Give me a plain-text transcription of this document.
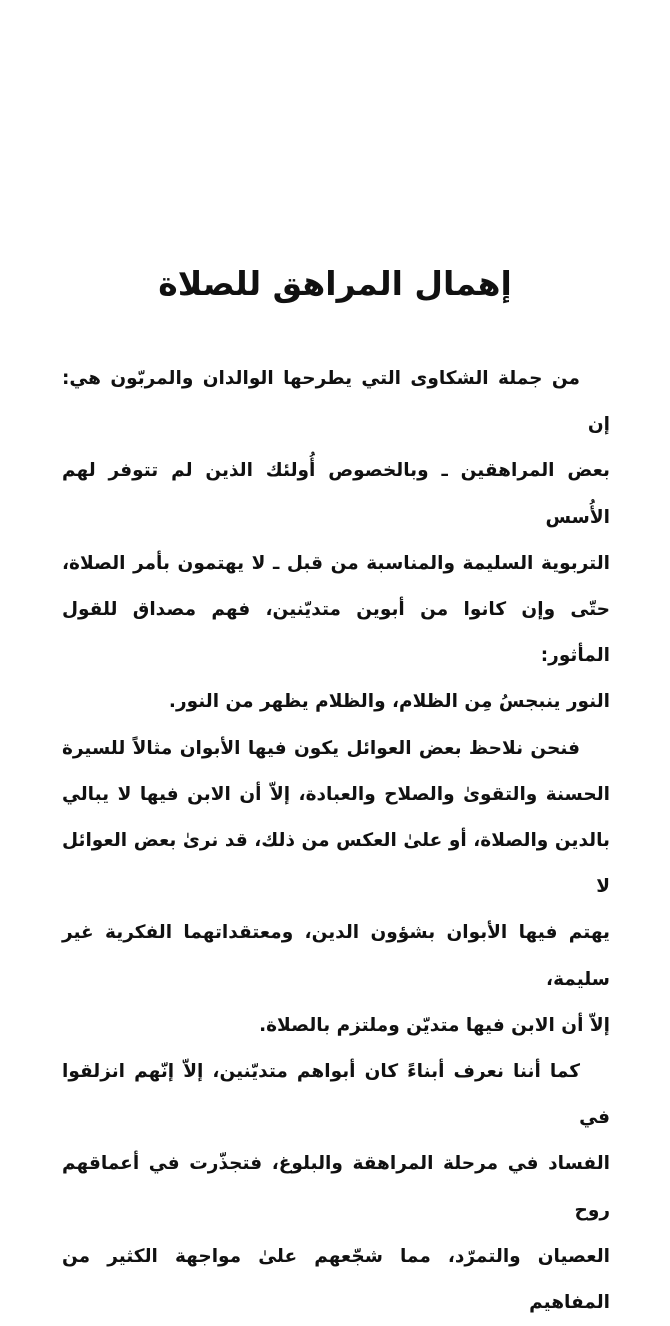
إهمال المراهق للصلاة

من جملة الشكاوى التي يطرحها الوالدان والمربّون هي: إن

بعض المراهقين ـ وبالخصوص أُولئك الذين لم تتوفر لهم الأُسس

التربوية السليمة والمناسبة من قبل ـ لا يهتمون بأمر الصلاة،

حتّى وإن كانوا من أبوين متديّنين، فهم مصداق للقول المأثور:

النور ينبجسُ مِن الظلام، والظلام يظهر من النور.

فنحن نلاحظ بعض العوائل يكون فيها الأبوان مثالاً للسيرة

الحسنة والتقوىٰ والصلاح والعبادة، إلاّ أن الابن فيها لا يبالي

بالدين والصلاة، أو علىٰ العكس من ذلك، قد نرىٰ بعض العوائل لا

يهتم فيها الأبوان بشؤون الدين، ومعتقداتهما الفكرية غير سليمة،

إلاّ أن الابن فيها متديّن وملتزم بالصلاة.

كما أننا نعرف أبناءً كان أبواهم متديّنين، إلاّ إنّهم انزلقوا في

الفساد في مرحلة المراهقة والبلوغ، فتجذّرت في أعماقهم روح

العصيان والتمرّد، مما شجّعهم علىٰ مواجهة الكثير من المفاهيم
